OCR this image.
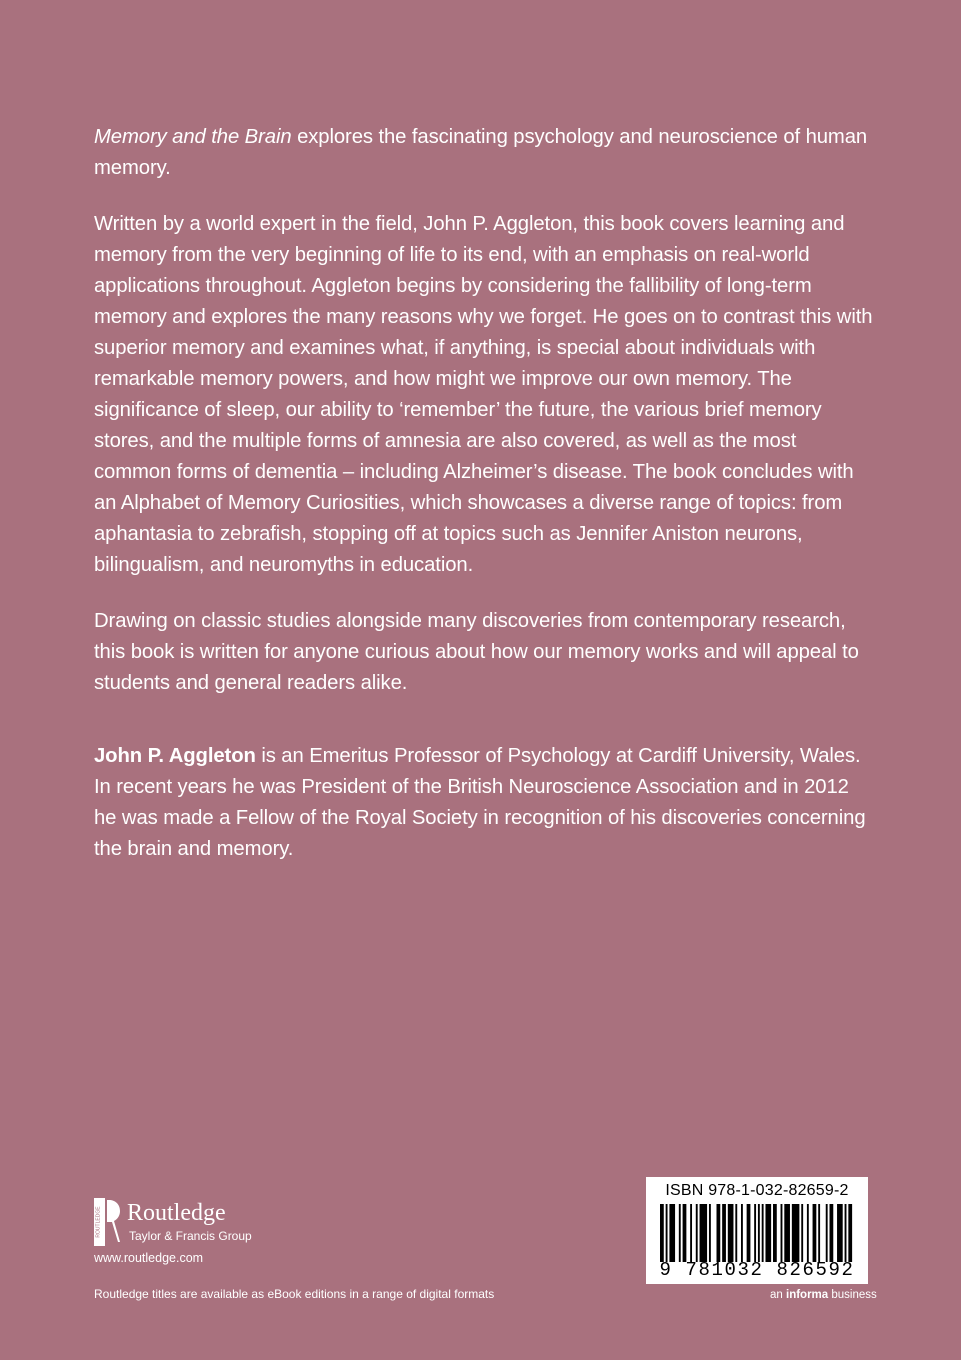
Memory and the Brain explores the fascinating psychology and neuroscience of human memory.

Written by a world expert in the field, John P. Aggleton, this book covers learning and memory from the very beginning of life to its end, with an emphasis on real-world applications throughout. Aggleton begins by considering the fallibility of long-term memory and explores the many reasons why we forget. He goes on to contrast this with superior memory and examines what, if anything, is special about individuals with remarkable memory powers, and how might we improve our own memory. The significance of sleep, our ability to ‘remember’ the future, the various brief memory stores, and the multiple forms of amnesia are also covered, as well as the most common forms of dementia – including Alzheimer’s disease. The book concludes with an Alphabet of Memory Curiosities, which showcases a diverse range of topics: from aphantasia to zebrafish, stopping off at topics such as Jennifer Aniston neurons, bilingualism, and neuromyths in education.

Drawing on classic studies alongside many discoveries from contemporary research, this book is written for anyone curious about how our memory works and will appeal to students and general readers alike.

John P. Aggleton is an Emeritus Professor of Psychology at Cardiff University, Wales. In recent years he was President of the British Neuroscience Association and in 2012 he was made a Fellow of the Royal Society in recognition of his discoveries concerning the brain and memory.

ROUTLEDGE Routledge
Taylor & Francis Group
www.routledge.com
Routledge titles are available as eBook editions in a range of digital formats
ISBN 978-1-032-82659-2
9 781032 826592
an informa business
